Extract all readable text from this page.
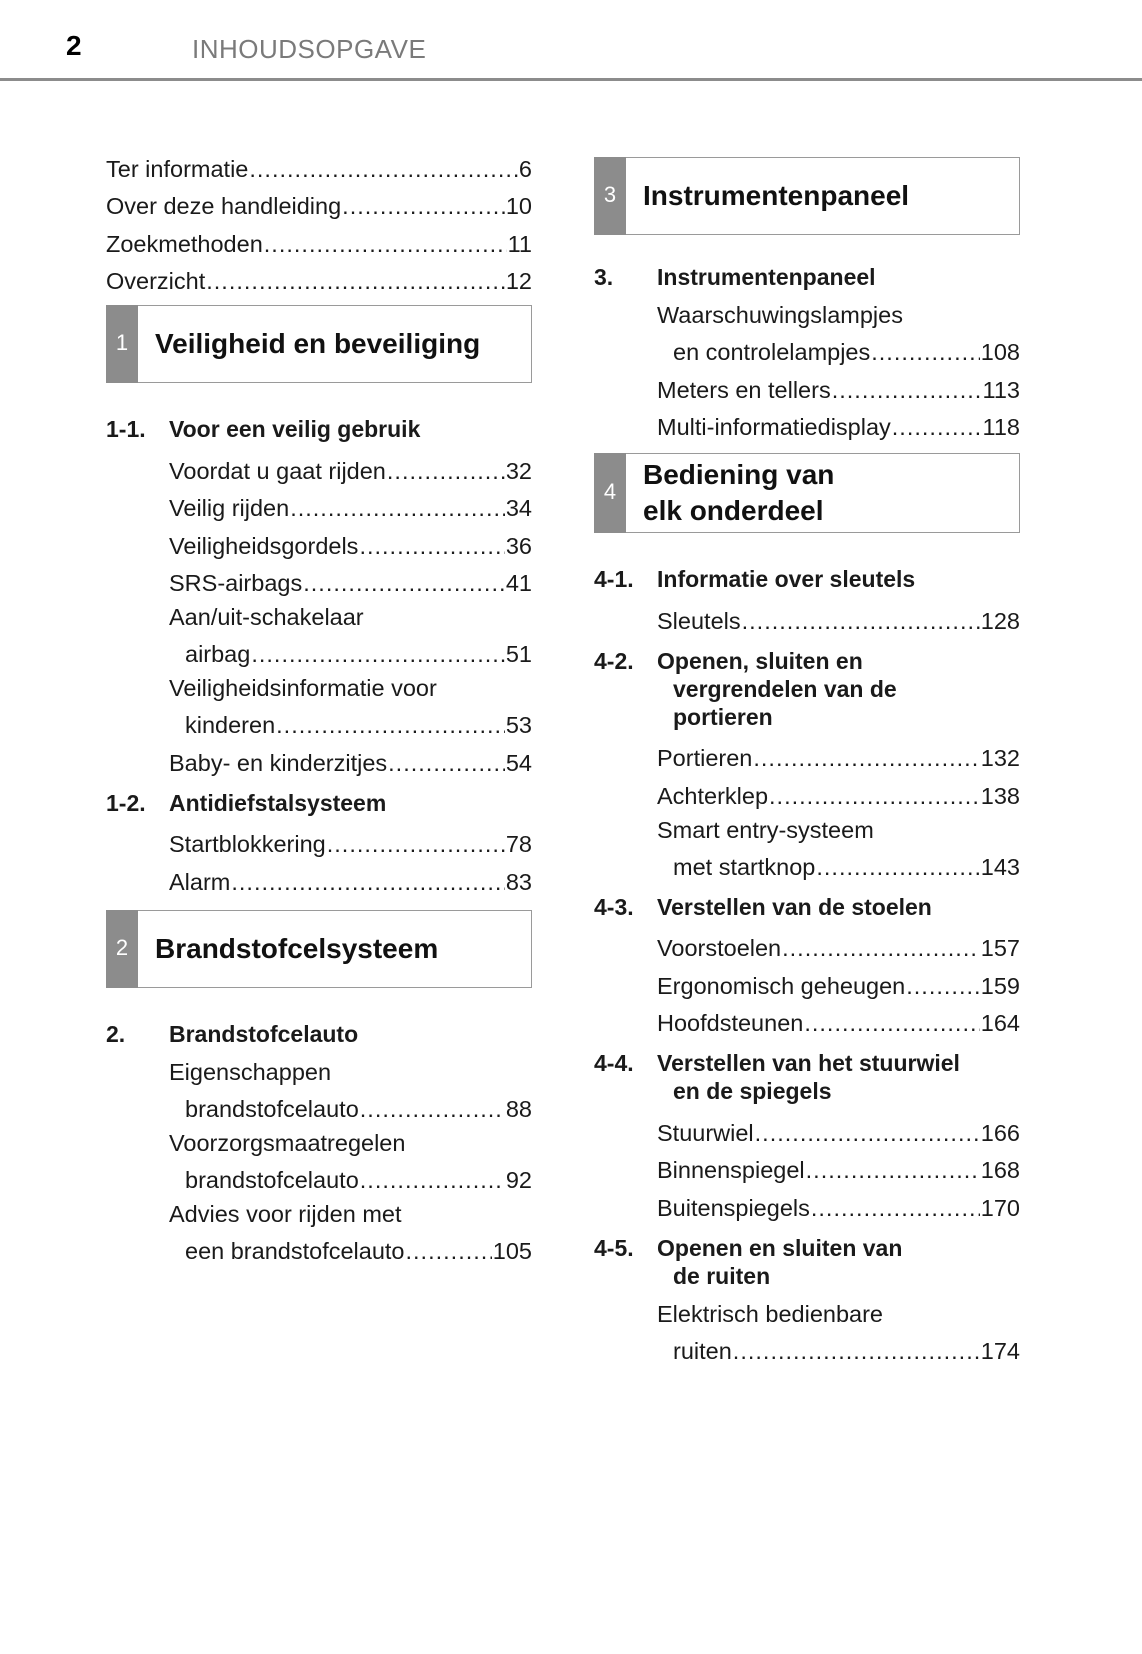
2	INHOUDSOPGAVE
Ter informatie .....	6
Over deze handleiding .....	10
Zoekmethoden .....	11
Overzicht .....	12
1 Veiligheid en beveiliging
1-1.	Voor een veilig gebruik
Voordat u gaat rijden .....	32
Veilig rijden .....	34
Veiligheidsgordels .....	36
SRS-airbags .....	41
Aan/uit-schakelaar
airbag .....	51
Veiligheidsinformatie voor
kinderen .....	53
Baby- en kinderzitjes .....	54
1-2.	Antidiefstalsysteem
Startblokkering .....	78
Alarm .....	83
2 Brandstofcelsysteem
2.	Brandstofcelauto
Eigenschappen
brandstofcelauto .....	88
Voorzorgsmaatregelen
brandstofcelauto .....	92
Advies voor rijden met
een brandstofcelauto .....	105
3 Instrumentenpaneel
3.	Instrumentenpaneel
Waarschuwingslampjes
en controlelampjes .....	108
Meters en tellers .....	113
Multi-informatiedisplay .....	118
4
Bediening van
elk onderdeel
4-1.	Informatie over sleutels
Sleutels .....	128
4-2.	Openen, sluiten en
vergrendelen van de
portieren
Portieren .....	132
Achterklep .....	138
Smart entry-systeem
met startknop .....	143
4-3.	Verstellen van de stoelen
Voorstoelen .....	157
Ergonomisch geheugen .....	159
Hoofdsteunen .....	164
4-4.	Verstellen van het stuurwiel
en de spiegels
Stuurwiel .....	166
Binnenspiegel .....	168
Buitenspiegels .....	170
4-5.	Openen en sluiten van
de ruiten
Elektrisch bedienbare
ruiten .....	174
